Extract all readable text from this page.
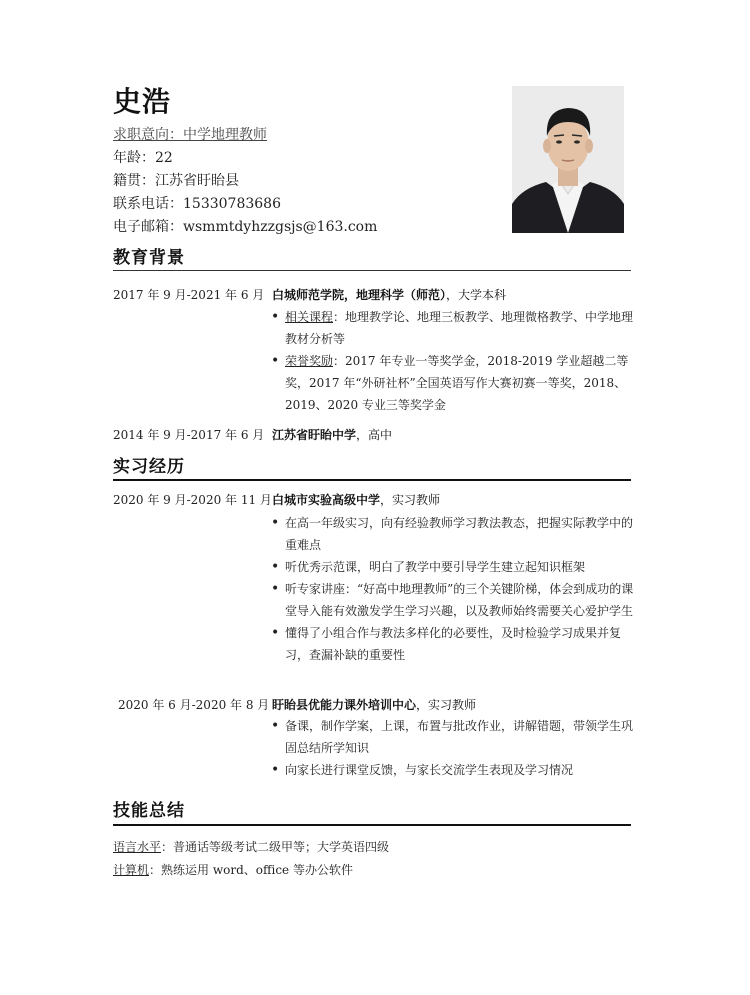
史浩
求职意向：中学地理教师
年龄：22
籍贯：江苏省盱眙县
联系电话：15330783686
电子邮箱：wsmmtdyhzzgsjs@163.com
教育背景
2017 年 9 月-2021 年 6 月 白城师范学院，地理科学（师范），大学本科
• 相关课程：地理教学论、地理三板教学、地理微格教学、中学地理教材分析等
• 荣誉奖励：2017 年专业一等奖学金，2018-2019 学业超越二等奖，2017 年“外研社杯”全国英语写作大赛初赛一等奖，2018、2019、2020 专业三等奖学金
2014 年 9 月-2017 年 6 月 江苏省盱眙中学，高中
实习经历
2020 年 9 月-2020 年 11 月 白城市实验高级中学，实习教师
• 在高一年级实习，向有经验教师学习教法教态，把握实际教学中的重难点
• 听优秀示范课，明白了教学中要引导学生建立起知识框架
• 听专家讲座：“好高中地理教师”的三个关键阶梯，体会到成功的课堂导入能有效激发学生学习兴趣，以及教师始终需要关心爱护学生
• 懂得了小组合作与教法多样化的必要性，及时检验学习成果并复习，查漏补缺的重要性
2020 年 6 月-2020 年 8 月 盱眙县优能力课外培训中心，实习教师
• 备课，制作学案，上课，布置与批改作业，讲解错题，带领学生巩固总结所学知识
• 向家长进行课堂反馈，与家长交流学生表现及学习情况
技能总结
语言水平：普通话等级考试二级甲等；大学英语四级
计算机：熟练运用 word、office 等办公软件
